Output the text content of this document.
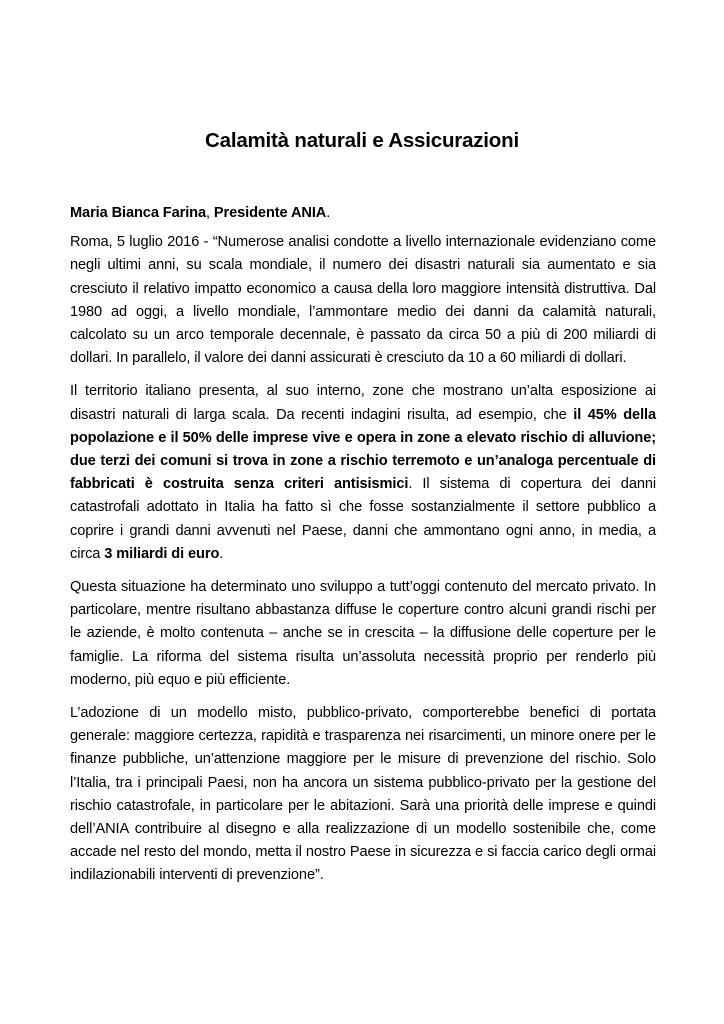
Calamità naturali e Assicurazioni

Maria Bianca Farina, Presidente ANIA.

Roma, 5 luglio 2016 - “Numerose analisi condotte a livello internazionale evidenziano come negli ultimi anni, su scala mondiale, il numero dei disastri naturali sia aumentato e sia cresciuto il relativo impatto economico a causa della loro maggiore intensità distruttiva. Dal 1980 ad oggi, a livello mondiale, l’ammontare medio dei danni da calamità naturali, calcolato su un arco temporale decennale, è passato da circa 50 a più di 200 miliardi di dollari. In parallelo, il valore dei danni assicurati è cresciuto da 10 a 60 miliardi di dollari.

Il territorio italiano presenta, al suo interno, zone che mostrano un’alta esposizione ai disastri naturali di larga scala. Da recenti indagini risulta, ad esempio, che il 45% della popolazione e il 50% delle imprese vive e opera in zone a elevato rischio di alluvione; due terzi dei comuni si trova in zone a rischio terremoto e un’analoga percentuale di fabbricati è costruita senza criteri antisismici. Il sistema di copertura dei danni catastrofali adottato in Italia ha fatto sì che fosse sostanzialmente il settore pubblico a coprire i grandi danni avvenuti nel Paese, danni che ammontano ogni anno, in media, a circa 3 miliardi di euro.

Questa situazione ha determinato uno sviluppo a tutt’oggi contenuto del mercato privato. In particolare, mentre risultano abbastanza diffuse le coperture contro alcuni grandi rischi per le aziende, è molto contenuta – anche se in crescita – la diffusione delle coperture per le famiglie. La riforma del sistema risulta un’assoluta necessità proprio per renderlo più moderno, più equo e più efficiente.

L’adozione di un modello misto, pubblico-privato, comporterebbe benefici di portata generale: maggiore certezza, rapidità e trasparenza nei risarcimenti, un minore onere per le finanze pubbliche, un’attenzione maggiore per le misure di prevenzione del rischio. Solo l’Italia, tra i principali Paesi, non ha ancora un sistema pubblico-privato per la gestione del rischio catastrofale, in particolare per le abitazioni. Sarà una priorità delle imprese e quindi dell’ANIA contribuire al disegno e alla realizzazione di un modello sostenibile che, come accade nel resto del mondo, metta il nostro Paese in sicurezza e si faccia carico degli ormai indilazionabili interventi di prevenzione”.
